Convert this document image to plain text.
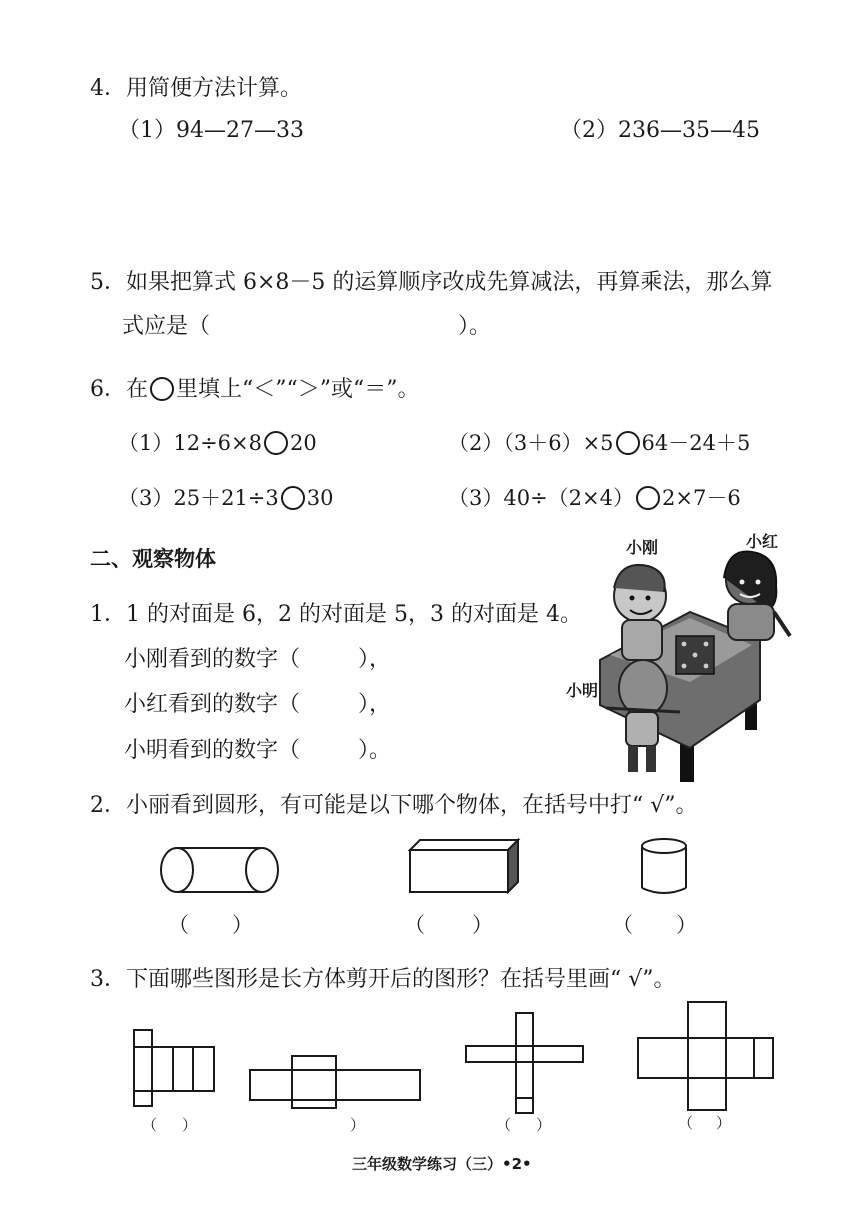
4．用简便方法计算。
（1）94—27—33	（2）236—35—45
5．如果把算式 6×8－5 的运算顺序改成先算减法，再算乘法，那么算
式应是（	）。
6．在 里填上“＜”“＞”或“＝”。
（1）12÷6×8 20	（2）（3＋6）×5 64－24＋5
（3）25＋21÷3 30	（3）40÷（2×4） 2×7－6
二、观察物体
1．1 的对面是 6，2 的对面是 5，3 的对面是 4。
小刚看到的数字（	），
小红看到的数字（	），
小明看到的数字（	）。
小刚	小红
小明
2．小丽看到圆形，有可能是以下哪个物体，在括号中打“ √”。
（ ）	（ ）	（ ）
3．下面哪些图形是长方体剪开后的图形？在括号里画“ √”。
（ ）	）	（ ）	（ ）
三年级数学练习（三）•2•
